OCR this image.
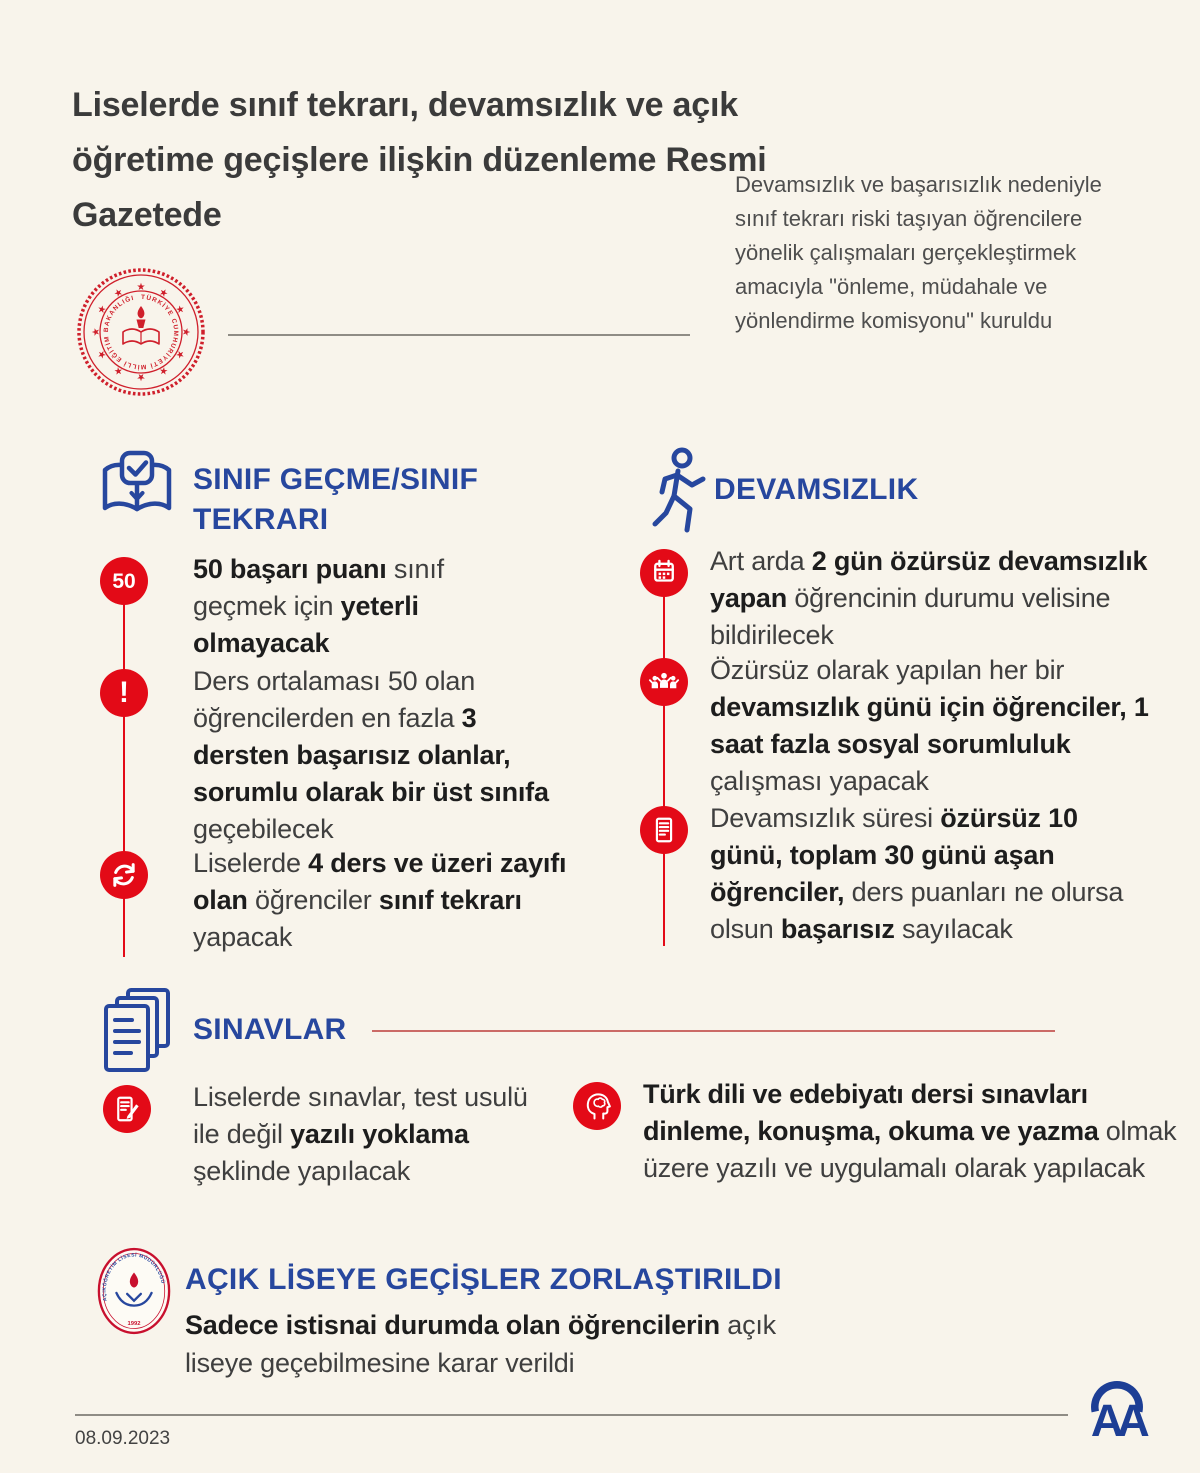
Liselerde sınıf tekrarı, devamsızlık ve açık öğretime geçişlere ilişkin düzenleme Resmi Gazetede
★ ★
★
★
★
★
★
★
★
★
★
★	TÜRKİYE CUMHURİYETİ MİLLİ EĞİTİM BAKANLIĞI

Devamsızlık ve başarısızlık nedeniyle sınıf tekrarı riski taşıyan öğrencilere yönelik çalışmaları gerçekleştirmek amacıyla "önleme, müdahale ve yönlendirme komisyonu" kuruldu

SINIF GEÇME/SINIF TEKRARI
50 50 başarı puanı sınıf geçmek için yeterli olmayacak

! Ders ortalaması 50 olan öğrencilerden en fazla 3 dersten başarısız olanlar, sorumlu olarak bir üst sınıfa geçebilecek

Liselerde 4 ders ve üzeri zayıfı olan öğrenciler sınıf tekrarı yapacak

DEVAMSIZLIK

Art arda 2 gün özürsüz devamsızlık yapan öğrencinin durumu velisine bildirilecek

Özürsüz olarak yapılan her bir devamsızlık günü için öğrenciler, 1 saat fazla sosyal sorumluluk çalışması yapacak

Devamsızlık süresi özürsüz 10 günü, toplam 30 günü aşan öğrenciler, ders puanları ne olursa olsun başarısız sayılacak

SINAVLAR

Liselerde sınavlar, test usulü ile değil yazılı yoklama şeklinde yapılacak

Türk dili ve edebiyatı dersi sınavları dinleme, konuşma, okuma ve yazma olmak üzere yazılı ve uygulamalı olarak yapılacak

AÇIKÖĞRETİM LİSESİ MÜDÜRLÜĞÜ
1992
AÇIK LİSEYE GEÇİŞLER ZORLAŞTIRILDI

Sadece istisnai durumda olan öğrencilerin açık liseye geçebilmesine karar verildi

08.09.2023	AA
